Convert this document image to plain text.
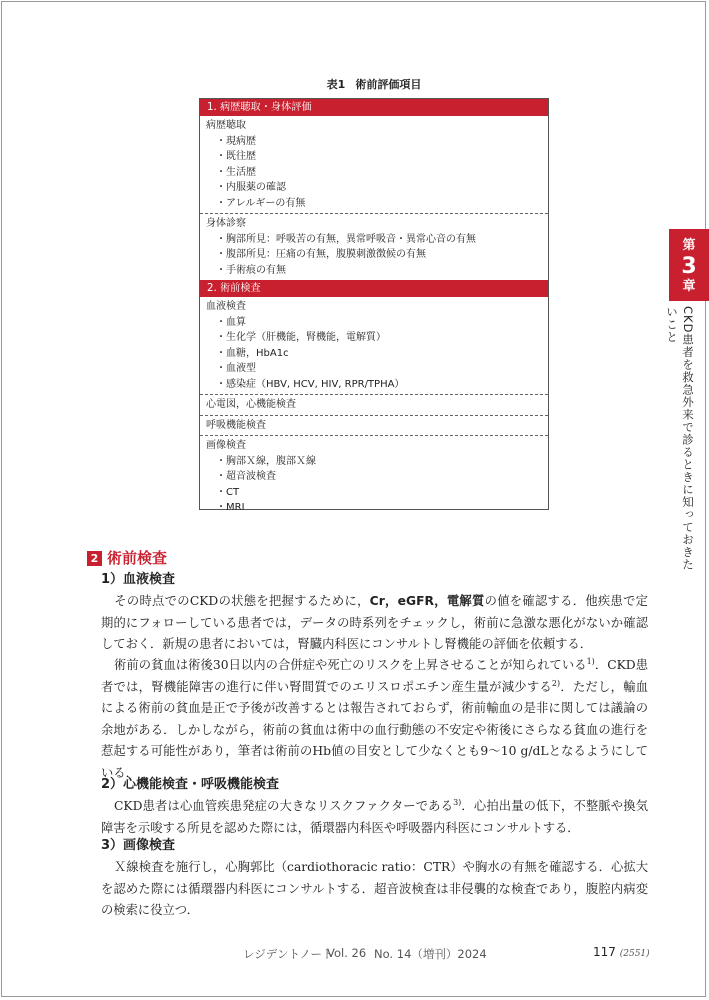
表1 術前評価項目
1. 病歴聴取・身体評価
病歴聴取
・ 現病歴
・ 既往歴
・ 生活歴
・ 内服薬の確認
・ アレルギーの有無
身体診察
・ 胸部所見：呼吸苦の有無，異常呼吸音・異常心音の有無
・ 腹部所見：圧痛の有無，腹膜刺激徴候の有無
・ 手術痕の有無
2. 術前検査
血液検査
・ 血算
・ 生化学（肝機能，腎機能，電解質）
・ 血糖，HbA1c
・ 血液型
・ 感染症（HBV, HCV, HIV, RPR/TPHA）
心電図，心機能検査
呼吸機能検査
画像検査
・ 胸部Ｘ線，腹部Ｘ線
・ 超音波検査
・ CT
・ MRI
第
3
章
CKD患者を救急外来で診るときに知っておきたいこと
2 術前検査
1）血液検査
その時点でのCKDの状態を把握するために，Cr，eGFR，電解質の値を確認する．他疾患で定期的にフォローしている患者では，データの時系列をチェックし，術前に急激な悪化がないか確認しておく．新規の患者においては，腎臓内科医にコンサルトし腎機能の評価を依頼する．
術前の貧血は術後30日以内の合併症や死亡のリスクを上昇させることが知られている$^{1)}$．CKD患者では，腎機能障害の進行に伴い腎間質でのエリスロポエチン産生量が減少する$^{2)}$．ただし，輸血による術前の貧血是正で予後が改善するとは報告されておらず，術前輸血の是非に関しては議論の余地がある．しかしながら，術前の貧血は術中の血行動態の不安定や術後にさらなる貧血の進行を惹起する可能性があり，筆者は術前のHb値の目安として少なくとも9～10 g/dLとなるようにしている．
2）心機能検査・呼吸機能検査
CKD患者は心血管疾患発症の大きなリスクファクターである$^{3)}$．心拍出量の低下，不整脈や換気障害を示唆する所見を認めた際には，循環器内科医や呼吸器内科医にコンサルトする．
3）画像検査
Ｘ線検査を施行し，心胸郭比（cardiothoracic ratio：CTR）や胸水の有無を確認する．心拡大を認めた際には循環器内科医にコンサルトする．超音波検査は非侵襲的な検査であり，腹腔内病変の検索に役立つ．
レジデントノート
Vol. 26 No. 14（増刊）2024	117 (2551)
